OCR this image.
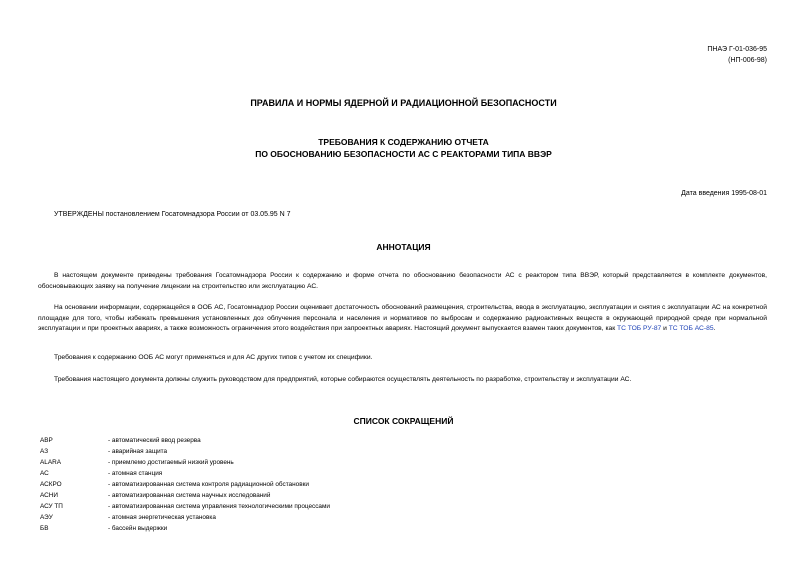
ПНАЭ Г-01-036-95
(НП-006-98)
ПРАВИЛА И НОРМЫ ЯДЕРНОЙ И РАДИАЦИОННОЙ БЕЗОПАСНОСТИ
ТРЕБОВАНИЯ К СОДЕРЖАНИЮ ОТЧЕТА
ПО ОБОСНОВАНИЮ БЕЗОПАСНОСТИ АС С РЕАКТОРАМИ ТИПА ВВЭР
Дата введения 1995-08-01
УТВЕРЖДЕНЫ постановлением Госатомнадзора России от 03.05.95 N 7
АННОТАЦИЯ
В настоящем документе приведены требования Госатомнадзора России к содержанию и форме отчета по обоснованию безопасности АС с реактором типа ВВЭР, который представляется в комплекте документов, обосновывающих заявку на получение лицензии на строительство или эксплуатацию АС.
На основании информации, содержащейся в ООБ АС, Госатомнадзор России оценивает достаточность обоснований размещения, строительства, ввода в эксплуатацию, эксплуатации и снятия с эксплуатации АС на конкретной площадке для того, чтобы избежать превышения установленных доз облучения персонала и населения и нормативов по выбросам и содержанию радиоактивных веществ в окружающей природной среде при нормальной эксплуатации и при проектных авариях, а также возможность ограничения этого воздействия при запроектных авариях. Настоящий документ выпускается взамен таких документов, как ТС ТОБ РУ-87 и ТС ТОБ АС-85.
Требования к содержанию ООБ АС могут применяться и для АС других типов с учетом их специфики.
Требования настоящего документа должны служить руководством для предприятий, которые собираются осуществлять деятельность по разработке, строительству и эксплуатации АС.
СПИСОК СОКРАЩЕНИЙ
АВР	- автоматический ввод резерва
АЗ	- аварийная защита
ALARA	- приемлемо достигаемый низкий уровень
АС	- атомная станция
АСКРО	- автоматизированная система контроля радиационной обстановки
АСНИ	- автоматизированная система научных исследований
АСУ ТП	- автоматизированная система управления технологическими процессами
АЭУ	- атомная энергетическая установка
БВ	- бассейн выдержки
